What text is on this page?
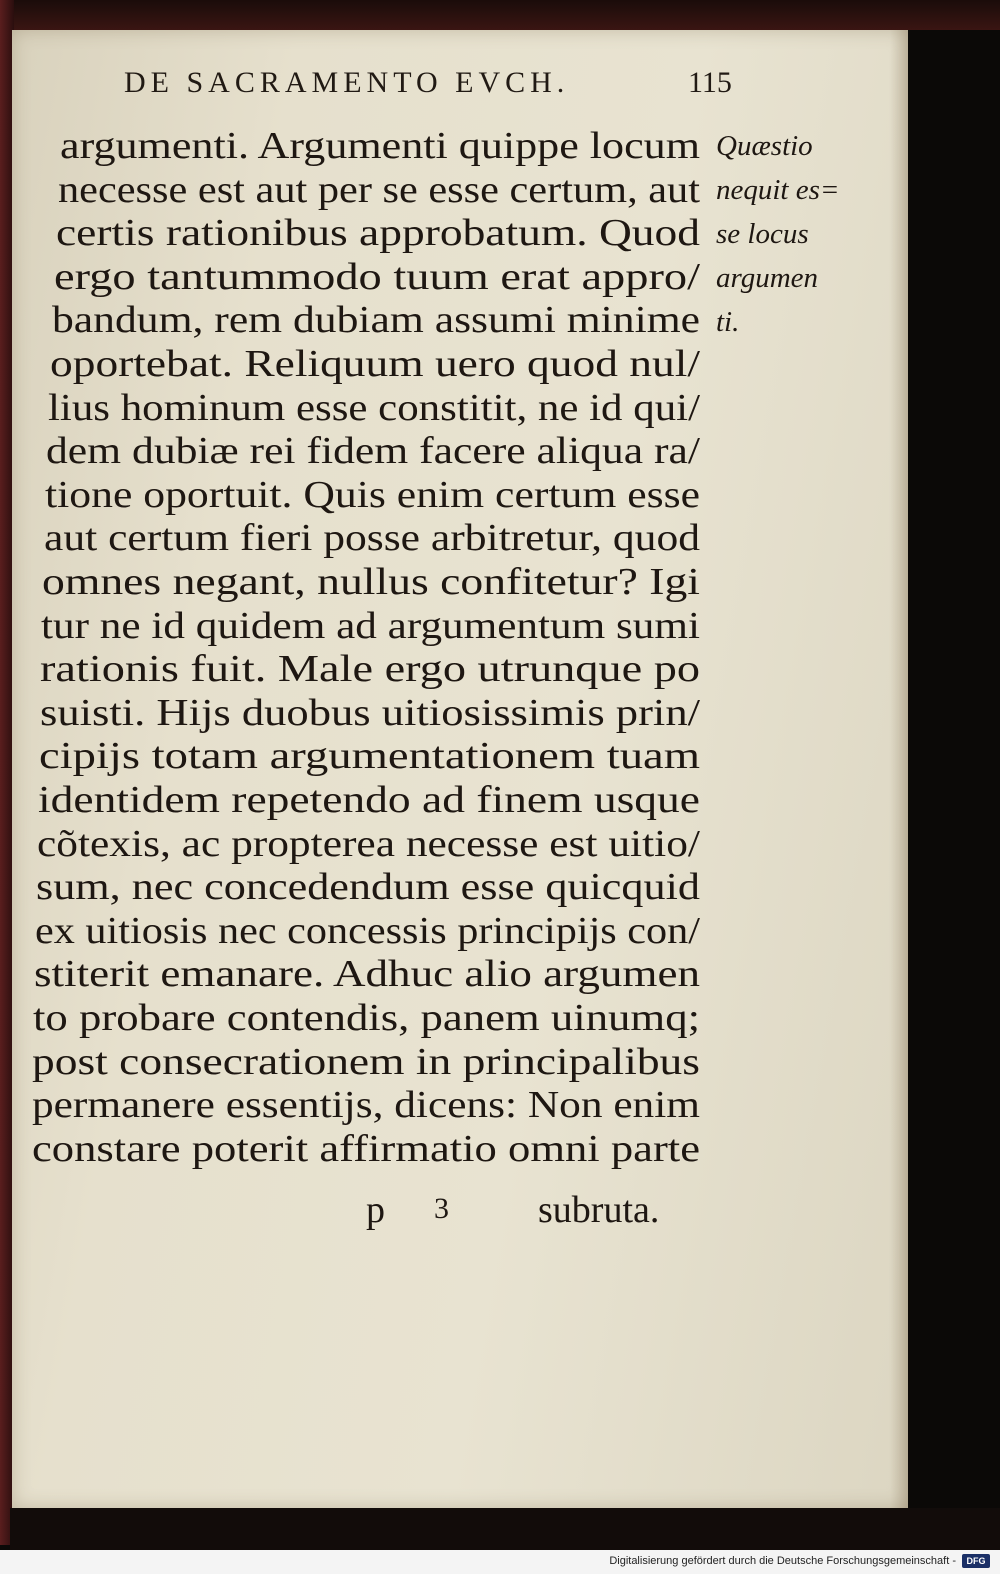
DE SACRAMENTO EVCH.	115
argumenti. Argumenti quippe locum
necesse est aut per se esse certum, aut
certis rationibus approbatum. Quod
ergo tantummodo tuum erat appro/
bandum, rem dubiam assumi minime
oportebat. Reliquum uero quod nul/
lius hominum esse constitit, ne id qui/
dem dubiæ rei fidem facere aliqua ra/
tione oportuit. Quis enim certum esse
aut certum fieri posse arbitretur, quod
omnes negant, nullus confitetur? Igi
tur ne id quidem ad argumentum sumi
rationis fuit. Male ergo utrunque po
suisti. Hijs duobus uitiosissimis prin/
cipijs totam argumentationem tuam
identidem repetendo ad finem usque
cõtexis, ac propterea necesse est uitio/
sum, nec concedendum esse quicquid
ex uitiosis nec concessis principijs con/
stiterit emanare. Adhuc alio argumen
to probare contendis, panem uinumq;
post consecrationem in principalibus
permanere essentijs, dicens: Non enim
constare poterit affirmatio omni parte
Quæstio
nequit es=
se locus
argumen
ti.
p 3 subruta.
Digitalisierung gefördert durch die Deutsche Forschungsgemeinschaft -	DFG
